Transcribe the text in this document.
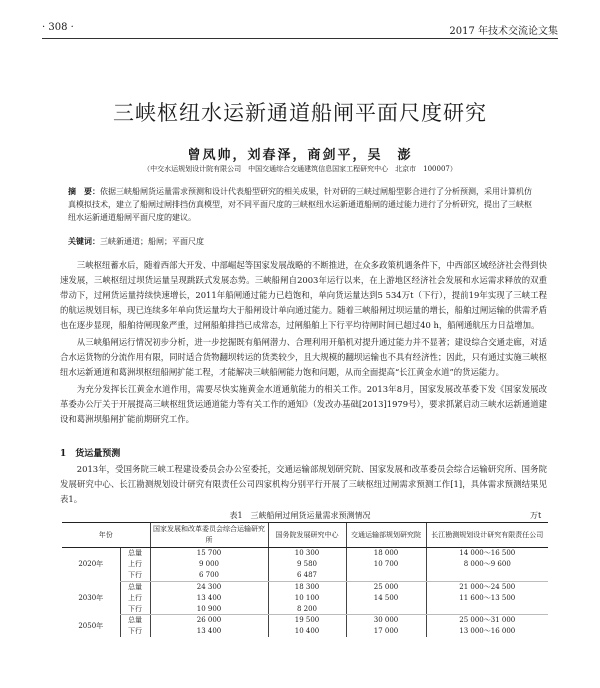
· 308 ·	2017 年技术交流论文集
三峡枢纽水运新通道船闸平面尺度研究
曾凤帅，刘春泽，商剑平，吴　澎
（中交水运规划设计院有限公司　中国交通综合交通建筑信息国家工程研究中心　北京市　100007）
摘　要：依据三峡船闸货运量需求预测和设计代表船型研究的相关成果，针对研的三峡过闸船型影合进行了分析预测，采用计算机仿真模拟技术，建立了船闸过闸排挡仿真模型，对不同平面尺度的三峡枢纽水运新通道船闸的通过能力进行了分析研究，提出了三峡枢纽水运新通道船闸平面尺度的建议。
关键词：三峡新通道；船闸；平面尺度

三峡枢纽蓄水后，随着西部大开发、中部崛起等国家发展战略的不断推进，在众多政策机遇条件下，中西部区域经济社会得到快速发展，三峡枢纽过坝货运量呈现跳跃式发展态势。三峡船闸自2003年运行以来，在上游地区经济社会发展和水运需求释放的双重带动下，过闸货运量持续快速增长，2011年船闸通过能力已趋饱和，单向货运量达到5 534万t（下行），提前19年实现了三峡工程的航运规划目标，现已连续多年单向货运量均大于船闸设计单向通过能力。随着三峡船闸过坝运量的增长，船舶过闸运输的供需矛盾也在逐步显现，船舶待闸现象严重，过闸船舶排挡已成常态，过闸船舶上下行平均待闸时间已超过40 h，船闸通航压力日益增加。

从三峡船闸运行情况初步分析，进一步挖掘既有船闸潜力、合理利用开船机对提升通过能力并不显著；建设综合交通走廊，对适合水运货物的分流作用有限，同时适合货物翻坝转运的货类较少，且大规模的翻坝运输也不具有经济性；因此，只有通过实施三峡枢纽水运新通道和葛洲坝枢纽船闸扩能工程，才能解决三峡船闸能力饱和问题，从而全面提高“长江黄金水道”的货运能力。

为充分发挥长江黄金水道作用，需要尽快实施黄金水道通航能力的相关工作。2013年8月，国家发展改革委下发《国家发展改革委办公厅关于开展提高三峡枢纽货运通道能力等有关工作的通知》（发改办基础[2013]1979号），要求抓紧启动三峡水运新通道建设和葛洲坝船闸扩能前期研究工作。

1　货运量预测
2013年，受国务院三峡工程建设委员会办公室委托，交通运输部规划研究院、国家发展和改革委员会综合运输研究所、国务院发展研究中心、长江勘测规划设计研究有限责任公司四家机构分别平行开展了三峡枢纽过闸需求预测工作[1]，具体需求预测结果见表1。
表1　三峡船闸过闸货运量需求预测情况	万t
年份		国家发展和改革委员会综合运输研究所	国务院发展研究中心	交通运输部规划研究院	长江勘测规划设计研究有限责任公司
2020年	总量	15 700	10 300	18 000	14 000～16 500
	上行	9 000	9 580	10 700	8 000～9 600
	下行	6 700	6 487		
2030年	总量	24 300	18 300	25 000	21 000～24 500
	上行	13 400	10 100	14 500	11 600～13 500
	下行	10 900	8 200		
2050年	总量	26 000	19 500	30 000	25 000～31 000
	下行	13 400	10 400	17 000	13 000～16 000
